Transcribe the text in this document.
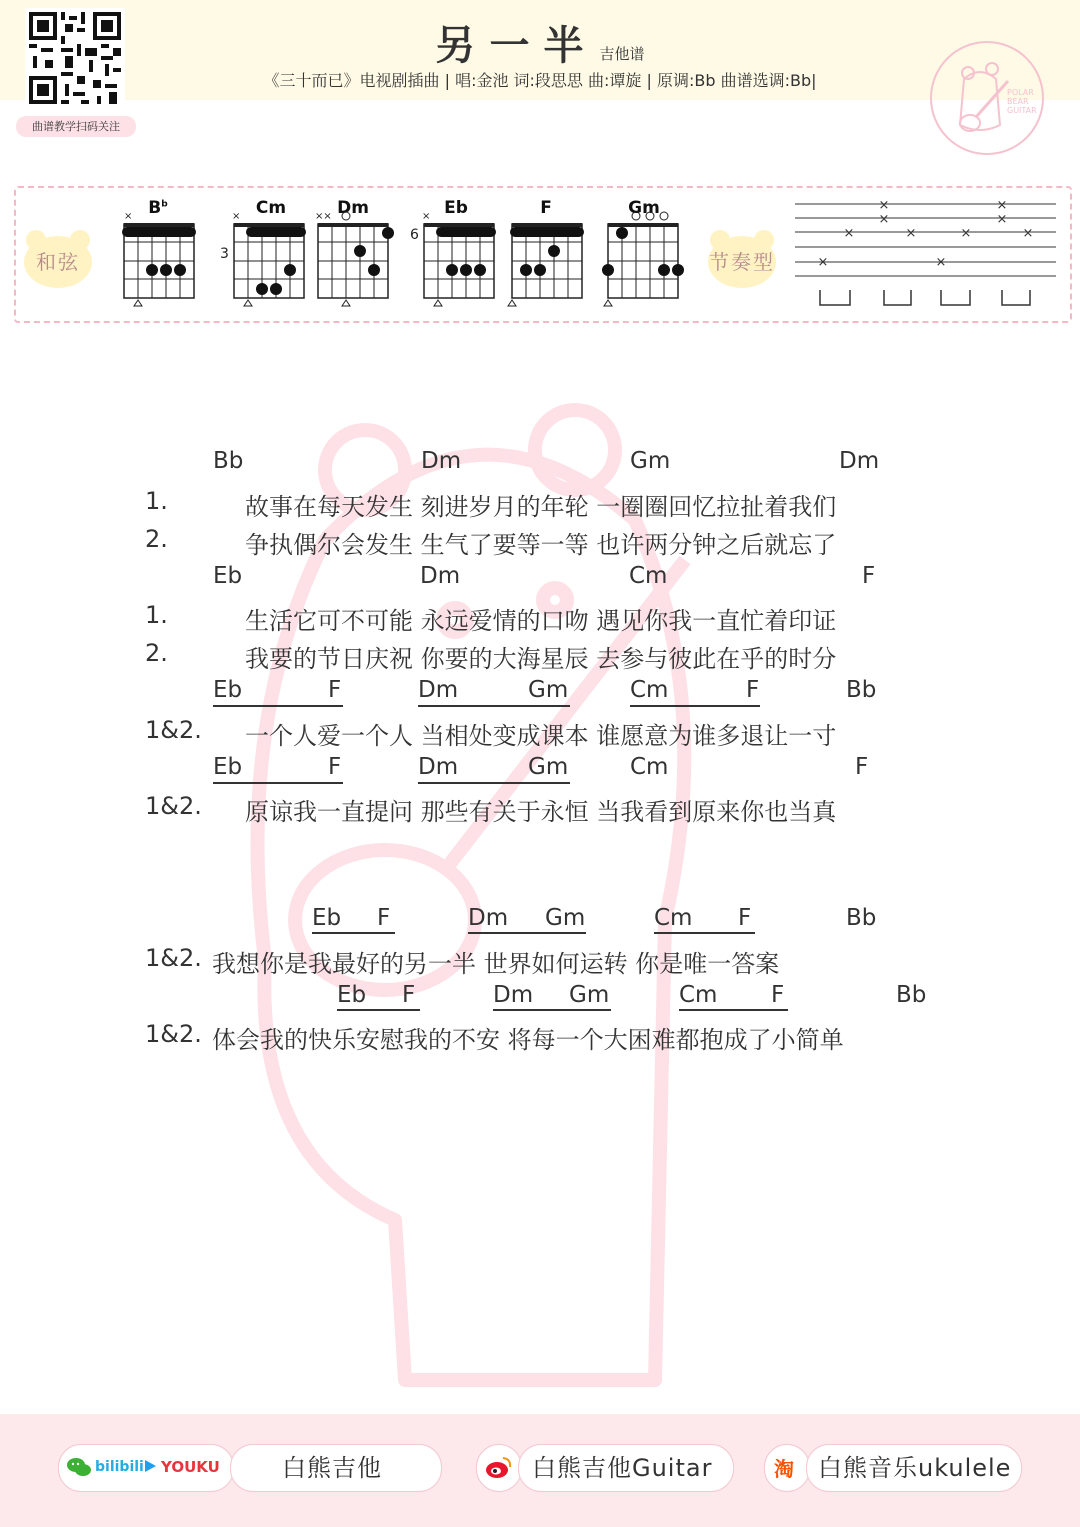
曲谱教学扫码关注
另一半 吉他谱
《三十而已》电视剧插曲 | 唱:金池 词:段思思 曲:谭旋 | 原调:Bb 曲谱选调:Bb|
POLAR
BEAR
GUITAR
和弦	节奏型
$B^b$	Cm	Dm	Eb	F	Gm
3
6
×	×	××	×
×
×
×
×
×	×	×	×
×	×
Bb	Dm	Gm	Dm
1.	故事在每天发生 刻进岁月的年轮 一圈圈回忆拉扯着我们
2.	争执偶尔会发生 生气了要等一等 也许两分钟之后就忘了
Eb	Dm	Cm	F
1.	生活它可不可能 永远爱情的口吻 遇见你我一直忙着印证
2.	我要的节日庆祝 你要的大海星辰 去参与彼此在乎的时分
Eb	F	Dm	Gm	Cm	F	Bb
1&2. 一个人爱一个人 当相处变成课本 谁愿意为谁多退让一寸
Eb	F	Dm	Gm	Cm	F
1&2. 原谅我一直提问 那些有关于永恒 当我看到原来你也当真
Eb F	Dm Gm	Cm F	Bb
1&2. 我想你是我最好的另一半 世界如何运转 你是唯一答案
Eb F	Dm Gm	Cm F	Bb
1&2. 体会我的快乐安慰我的不安 将每一个大困难都抱成了小简单
bilibili YOUKU	白熊吉他	白熊吉他Guitar	淘 白熊音乐ukulele
